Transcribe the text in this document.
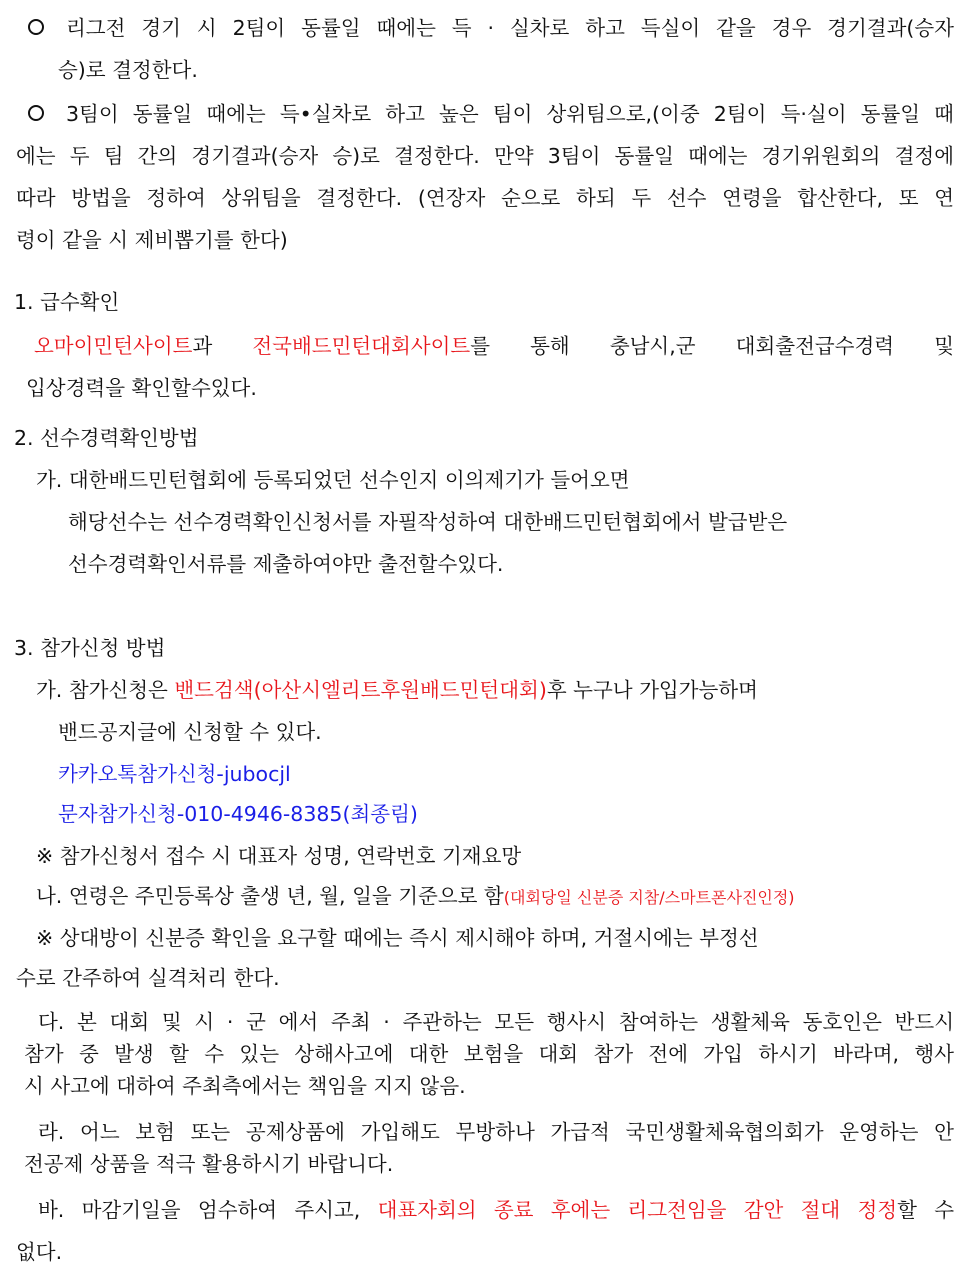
리그전 경기 시 2팀이 동률일 때에는 득 · 실차로 하고 득실이 같을 경우 경기결과(승자
승)로 결정한다.
3팀이 동률일 때에는 득•실차로 하고 높은 팀이 상위팀으로,(이중 2팀이 득·실이 동률일 때
에는 두 팀 간의 경기결과(승자 승)로 결정한다. 만약 3팀이 동률일 때에는 경기위원회의 결정에
따라 방법을 정하여 상위팀을 결정한다. (연장자 순으로 하되 두 선수 연령을 합산한다, 또 연
령이 같을 시 제비뽑기를 한다)
1. 급수확인
오마이민턴사이트과 전국배드민턴대회사이트를 통해 충남시,군 대회출전급수경력 및
입상경력을 확인할수있다.
2. 선수경력확인방법
가. 대한배드민턴협회에 등록되었던 선수인지 이의제기가 들어오면
해당선수는 선수경력확인신청서를 자필작성하여 대한배드민턴협회에서 발급받은
선수경력확인서류를 제출하여야만 출전할수있다.
3. 참가신청 방법
가. 참가신청은 밴드검색(아산시엘리트후원배드민턴대회)후 누구나 가입가능하며
밴드공지글에 신청할 수 있다.
카카오톡참가신청-jubocjl
문자참가신청-010-4946-8385(최종림)
※ 참가신청서 접수 시 대표자 성명, 연락번호 기재요망
나. 연령은 주민등록상 출생 년, 월, 일을 기준으로 함(대회당일 신분증 지참/스마트폰사진인정)
※ 상대방이 신분증 확인을 요구할 때에는 즉시 제시해야 하며, 거절시에는 부정선
수로 간주하여 실격처리 한다.
다. 본 대회 및 시 · 군 에서 주최 · 주관하는 모든 행사시 참여하는 생활체육 동호인은 반드시
참가 중 발생 할 수 있는 상해사고에 대한 보험을 대회 참가 전에 가입 하시기 바라며, 행사
시 사고에 대하여 주최측에서는 책임을 지지 않음.
라. 어느 보험 또는 공제상품에 가입해도 무방하나 가급적 국민생활체육협의회가 운영하는 안
전공제 상품을 적극 활용하시기 바랍니다.
바. 마감기일을 엄수하여 주시고, 대표자회의 종료 후에는 리그전임을 감안 절대 정정할 수
없다.
